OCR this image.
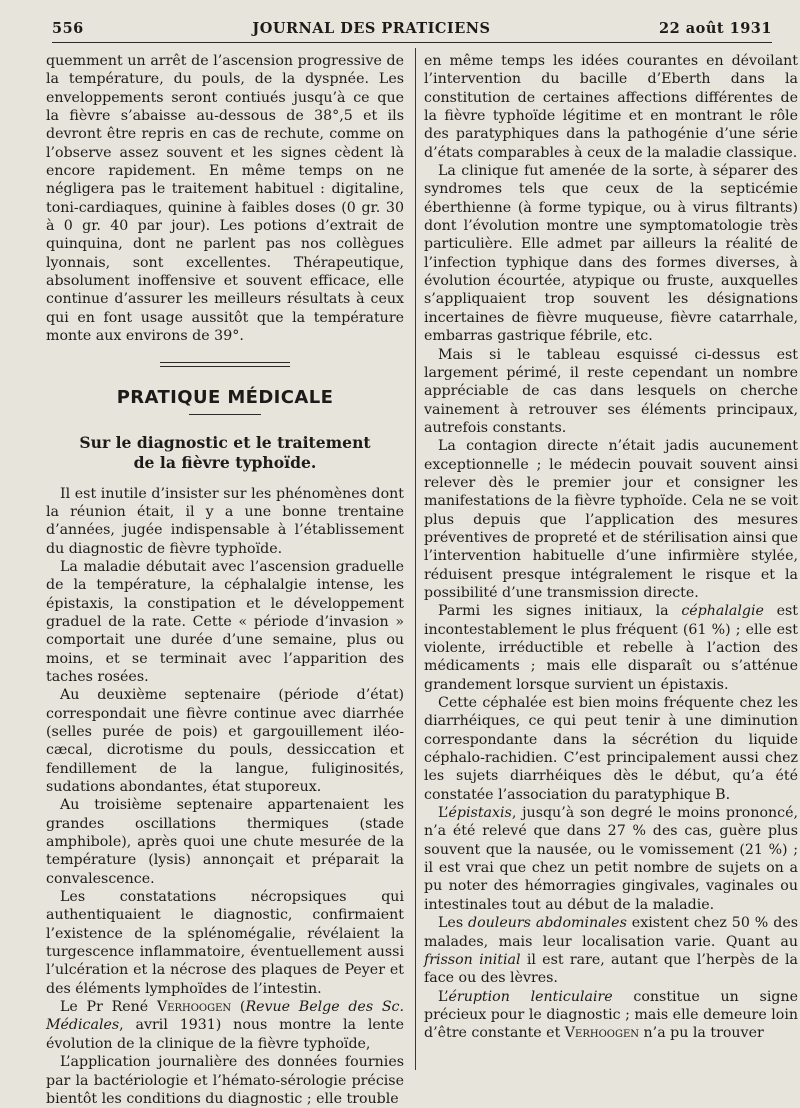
556	JOURNAL DES PRATICIENS	22 août 1931

quemment un arrêt de l’ascension progressive de la température, du pouls, de la dyspnée. Les enveloppements seront contiués jusqu’à ce que la fièvre s’abaisse au-dessous de 38°,5 et ils devront être repris en cas de rechute, comme on l’observe assez souvent et les signes cèdent là encore rapidement. En même temps on ne négligera pas le traitement habituel : digitaline, toni-cardiaques, quinine à faibles doses (0 gr. 30 à 0 gr. 40 par jour). Les potions d’extrait de quinquina, dont ne parlent pas nos collègues lyonnais, sont excellentes. Thérapeutique, absolument inoffensive et souvent efficace, elle continue d’assurer les meilleurs résultats à ceux qui en font usage aussitôt que la température monte aux environs de 39°.

PRATIQUE MÉDICALE
Sur le diagnostic et le traitement
de la fièvre typhoïde.

Il est inutile d’insister sur les phénomènes dont la réunion était, il y a une bonne trentaine d’années, jugée indispensable à l’établissement du diagnostic de fièvre typhoïde.

La maladie débutait avec l’ascension graduelle de la température, la céphalalgie intense, les épistaxis, la constipation et le développement graduel de la rate. Cette « période d’invasion » comportait une durée d’une semaine, plus ou moins, et se terminait avec l’apparition des taches rosées.

Au deuxième septenaire (période d’état) correspondait une fièvre continue avec diarrhée (selles purée de pois) et gargouillement iléo-cæcal, dicrotisme du pouls, dessiccation et fendillement de la langue, fuliginosités, sudations abondantes, état stuporeux.

Au troisième septenaire appartenaient les grandes oscillations thermiques (stade amphibole), après quoi une chute mesurée de la température (lysis) annonçait et préparait la convalescence.

Les constatations nécropsiques qui authentiquaient le diagnostic, confirmaient l’existence de la splénomégalie, révélaient la turgescence inflammatoire, éventuellement aussi l’ulcération et la nécrose des plaques de Peyer et des éléments lymphoïdes de l’intestin.

Le Pr René Verhoogen (Revue Belge des Sc. Médicales, avril 1931) nous montre la lente évolution de la clinique de la fièvre typhoïde,

L’application journalière des données fournies par la bactériologie et l’hémato-sérologie précise bientôt les conditions du diagnostic ; elle trouble

en même temps les idées courantes en dévoilant l’intervention du bacille d’Eberth dans la constitution de certaines affections différentes de la fièvre typhoïde légitime et en montrant le rôle des paratyphiques dans la pathogénie d’une série d’états comparables à ceux de la maladie classique.

La clinique fut amenée de la sorte, à séparer des syndromes tels que ceux de la septicémie éberthienne (à forme typique, ou à virus filtrants) dont l’évolution montre une symptomatologie très particulière. Elle admet par ailleurs la réalité de l’infection typhique dans des formes diverses, à évolution écourtée, atypique ou fruste, auxquelles s’appliquaient trop souvent les désignations incertaines de fièvre muqueuse, fièvre catarrhale, embarras gastrique fébrile, etc.

Mais si le tableau esquissé ci-dessus est largement périmé, il reste cependant un nombre appréciable de cas dans lesquels on cherche vainement à retrouver ses éléments principaux, autrefois constants.

La contagion directe n’était jadis aucunement exceptionnelle ; le médecin pouvait souvent ainsi relever dès le premier jour et consigner les manifestations de la fièvre typhoïde. Cela ne se voit plus depuis que l’application des mesures préventives de propreté et de stérilisation ainsi que l’intervention habituelle d’une infirmière stylée, réduisent presque intégralement le risque et la possibilité d’une transmission directe.

Parmi les signes initiaux, la céphalalgie est incontestablement le plus fréquent (61 %) ; elle est violente, irréductible et rebelle à l’action des médicaments ; mais elle disparaît ou s’atténue grandement lorsque survient un épistaxis.

Cette céphalée est bien moins fréquente chez les diarrhéiques, ce qui peut tenir à une diminution correspondante dans la sécrétion du liquide céphalo-rachidien. C’est principalement aussi chez les sujets diarrhéiques dès le début, qu’a été constatée l’association du paratyphique B.

L’épistaxis, jusqu’à son degré le moins prononcé, n’a été relevé que dans 27 % des cas, guère plus souvent que la nausée, ou le vomissement (21 %) ; il est vrai que chez un petit nombre de sujets on a pu noter des hémorragies gingivales, vaginales ou intestinales tout au début de la maladie.

Les douleurs abdominales existent chez 50 % des malades, mais leur localisation varie. Quant au frisson initial il est rare, autant que l’herpès de la face ou des lèvres.

L’éruption lenticulaire constitue un signe précieux pour le diagnostic ; mais elle demeure loin d’être constante et Verhoogen n’a pu la trouver
